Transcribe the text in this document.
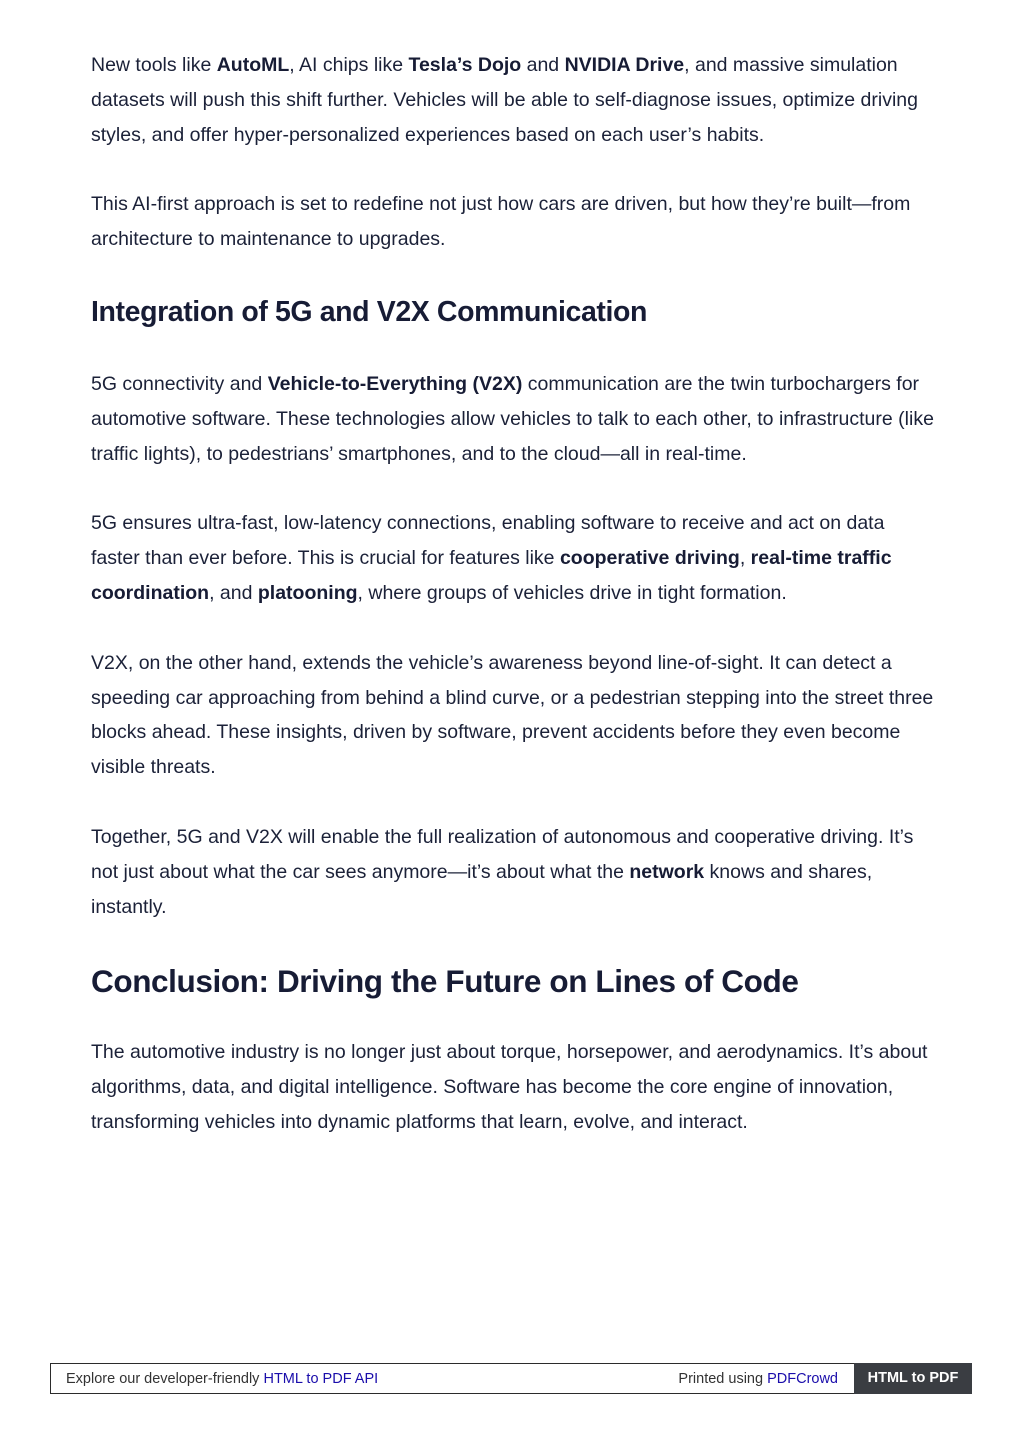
New tools like AutoML, AI chips like Tesla’s Dojo and NVIDIA Drive, and massive simulation datasets will push this shift further. Vehicles will be able to self-diagnose issues, optimize driving styles, and offer hyper-personalized experiences based on each user’s habits.

This AI-first approach is set to redefine not just how cars are driven, but how they’re built—from architecture to maintenance to upgrades.

Integration of 5G and V2X Communication

5G connectivity and Vehicle-to-Everything (V2X) communication are the twin turbochargers for automotive software. These technologies allow vehicles to talk to each other, to infrastructure (like traffic lights), to pedestrians’ smartphones, and to the cloud—all in real-time.

5G ensures ultra-fast, low-latency connections, enabling software to receive and act on data faster than ever before. This is crucial for features like cooperative driving, real-time traffic coordination, and platooning, where groups of vehicles drive in tight formation.

V2X, on the other hand, extends the vehicle’s awareness beyond line-of-sight. It can detect a speeding car approaching from behind a blind curve, or a pedestrian stepping into the street three blocks ahead. These insights, driven by software, prevent accidents before they even become visible threats.

Together, 5G and V2X will enable the full realization of autonomous and cooperative driving. It’s not just about what the car sees anymore—it’s about what the network knows and shares, instantly.

Conclusion: Driving the Future on Lines of Code

The automotive industry is no longer just about torque, horsepower, and aerodynamics. It’s about algorithms, data, and digital intelligence. Software has become the core engine of innovation, transforming vehicles into dynamic platforms that learn, evolve, and interact.

Explore our developer-friendly HTML to PDF API	Printed using PDFCrowd	HTML to PDF
